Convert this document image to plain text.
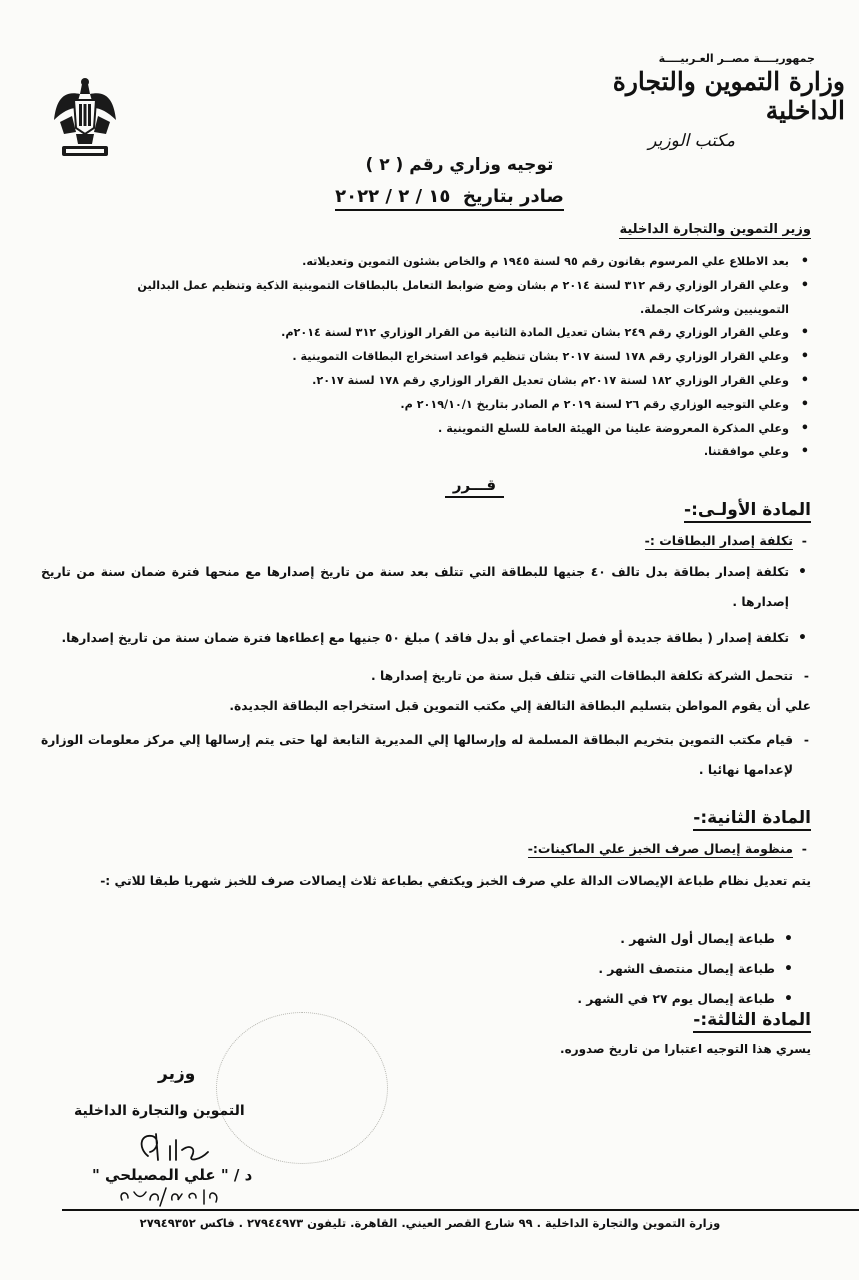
جمهوريــــة مصــر العـربيــــة
وزارة التموين والتجارة الداخلية
مكتب الوزير
توجيه وزاري رقم ( ٢ )
صادر بتاريخ  ١٥ / ٢ / ٢٠٢٢
وزير التموين والتجارة الداخلية
• بعد الاطلاع علي المرسوم بقانون رقم ٩٥ لسنة ١٩٤٥ م والخاص بشئون التموين وتعديلاته.
• وعلي القرار الوزاري رقم ٣١٢ لسنة ٢٠١٤ م بشان وضع ضوابط التعامل بالبطاقات التموينية الذكية وتنظيم عمل البدالين التموينيين وشركات الجملة.
• وعلي القرار الوزاري رقم ٢٤٩ بشان تعديل المادة الثانية من القرار الوزاري ٣١٢ لسنة ٢٠١٤م.
• وعلي القرار الوزاري رقم ١٧٨ لسنة ٢٠١٧ بشان تنظيم قواعد استخراج البطاقات التموينية .
• وعلي القرار الوزاري ١٨٢ لسنة ٢٠١٧م بشان تعديل القرار الوزاري رقم ١٧٨ لسنة ٢٠١٧.
• وعلي التوجيه الوزاري رقم ٢٦ لسنة ٢٠١٩ م الصادر بتاريخ ٢٠١٩/١٠/١ م.
• وعلي المذكرة المعروضة علينا من الهيئة العامة للسلع التموينية .
• وعلي موافقتنا.
قـــرر
المادة الأولـى:-
- تكلفة إصدار البطاقات :-
• تكلفة إصدار بطاقة بدل تالف ٤٠ جنيها للبطاقة التي تتلف بعد سنة من تاريخ إصدارها مع منحها فترة ضمان سنة من تاريخ إصدارها .
• تكلفة إصدار ( بطاقة جديدة أو فصل اجتماعي أو بدل فاقد ) مبلغ ٥٠ جنيها مع إعطاءها فترة ضمان سنة من تاريخ إصدارها.
- تتحمل الشركة تكلفة البطاقات التي تتلف قبل سنة من تاريخ إصدارها .
علي أن يقوم المواطن بتسليم البطاقة التالفة إلي مكتب التموين قبل استخراجه البطاقة الجديدة.
- قيام مكتب التموين بتخريم البطاقة المسلمة له وإرسالها إلي المديرية التابعة لها حتى يتم إرسالها إلي مركز معلومات الوزارة لإعدامها نهائيا .
المادة الثانية:-
- منظومة إيصال صرف الخبز علي الماكينات:-
يتم تعديل نظام طباعة الإيصالات الدالة علي صرف الخبز ويكتفي بطباعة ثلاث إيصالات صرف للخبز شهريا طبقا للاتي :-
• طباعة إيصال أول الشهر .
• طباعة إيصال منتصف الشهر .
• طباعة إيصال يوم ٢٧ في الشهر .
المادة الثالثة:-
يسري هذا التوجيه اعتبارا من تاريخ صدوره.
وزير
التموين والتجارة الداخلية
د / " علي المصيلحي "
وزارة التموين والتجارة الداخلية . ٩٩ شارع القصر العيني. القاهرة. تليفون ٢٧٩٤٤٩٧٣ . فاكس ٢٧٩٤٩٣٥٢
